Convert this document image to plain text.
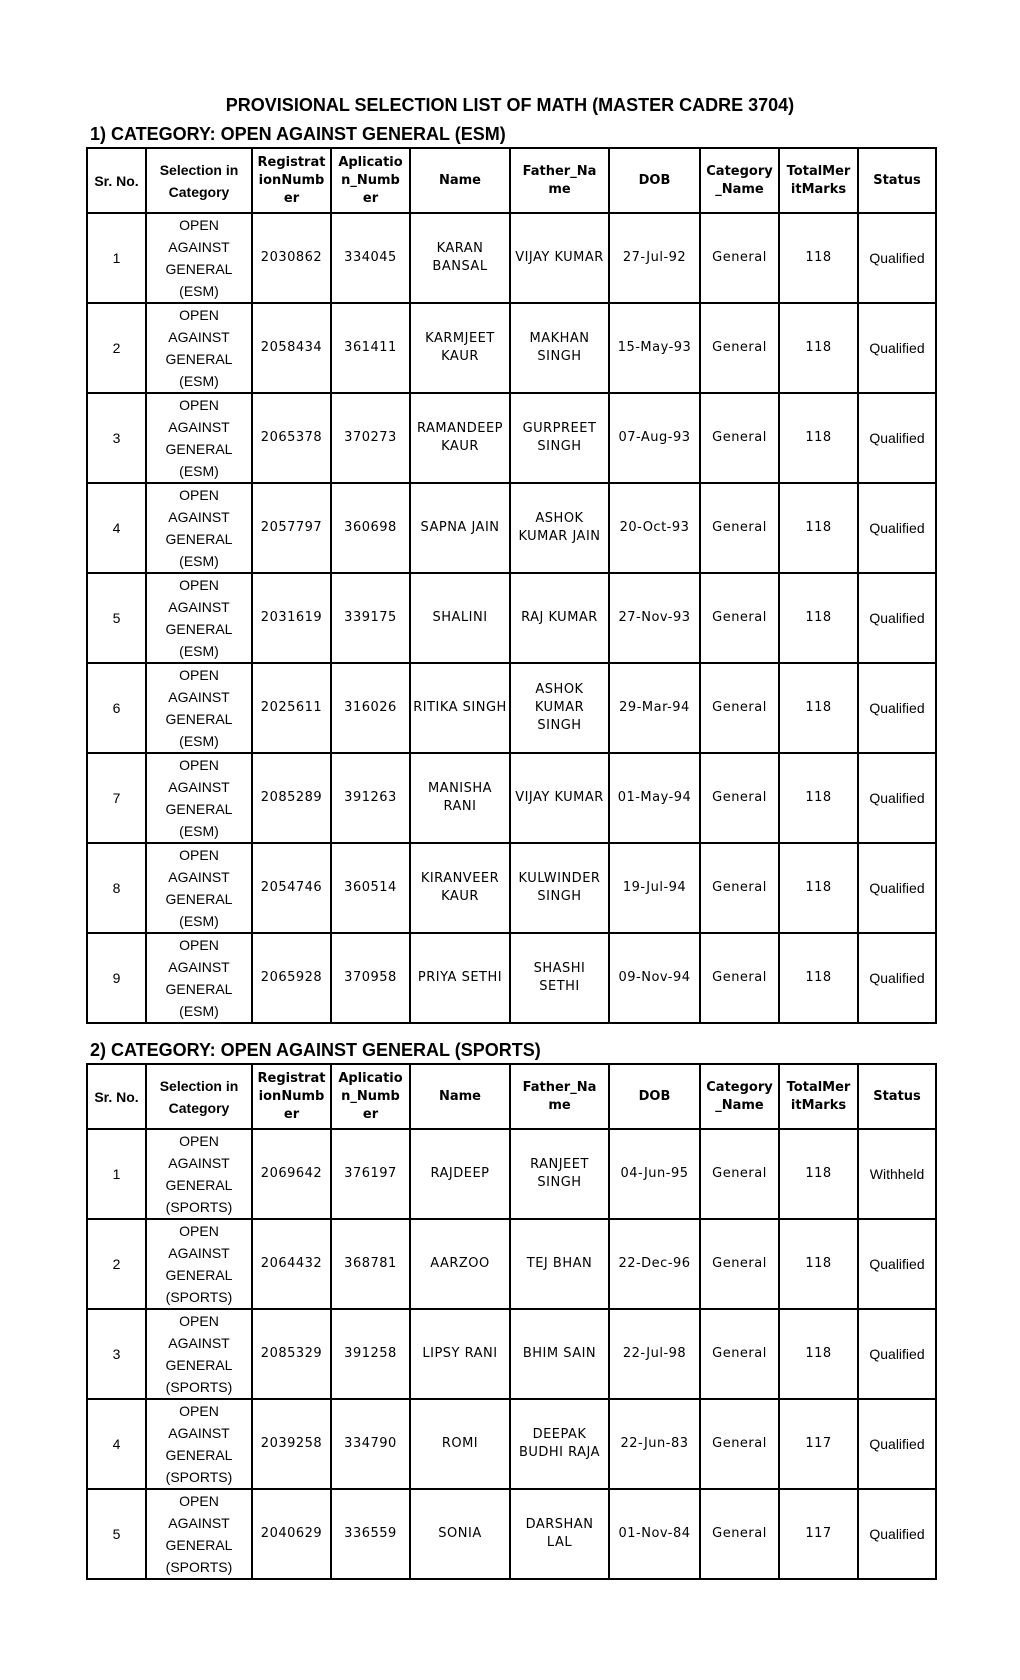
PROVISIONAL SELECTION LIST OF MATH (MASTER CADRE 3704)
1) CATEGORY: OPEN AGAINST GENERAL (ESM)
Sr. No.	Selection in Category	Registrat ionNumb er	Aplicatio n_Numb er	Name	Father_Na me	DOB	Category _Name	TotalMer itMarks	Status
1	OPEN AGAINST GENERAL (ESM)	2030862	334045	KARAN BANSAL	VIJAY KUMAR	27-Jul-92	General	118	Qualified
2	OPEN AGAINST GENERAL (ESM)	2058434	361411	KARMJEET KAUR	MAKHAN SINGH	15-May-93	General	118	Qualified
3	OPEN AGAINST GENERAL (ESM)	2065378	370273	RAMANDEEP KAUR	GURPREET SINGH	07-Aug-93	General	118	Qualified
4	OPEN AGAINST GENERAL (ESM)	2057797	360698	SAPNA JAIN	ASHOK KUMAR JAIN	20-Oct-93	General	118	Qualified
5	OPEN AGAINST GENERAL (ESM)	2031619	339175	SHALINI	RAJ KUMAR	27-Nov-93	General	118	Qualified
6	OPEN AGAINST GENERAL (ESM)	2025611	316026	RITIKA SINGH	ASHOK KUMAR SINGH	29-Mar-94	General	118	Qualified
7	OPEN AGAINST GENERAL (ESM)	2085289	391263	MANISHA RANI	VIJAY KUMAR	01-May-94	General	118	Qualified
8	OPEN AGAINST GENERAL (ESM)	2054746	360514	KIRANVEER KAUR	KULWINDER SINGH	19-Jul-94	General	118	Qualified
9	OPEN AGAINST GENERAL (ESM)	2065928	370958	PRIYA SETHI	SHASHI SETHI	09-Nov-94	General	118	Qualified
2) CATEGORY: OPEN AGAINST GENERAL (SPORTS)
Sr. No.	Selection in Category	Registrat ionNumb er	Aplicatio n_Numb er	Name	Father_Na me	DOB	Category _Name	TotalMer itMarks	Status
1	OPEN AGAINST GENERAL (SPORTS)	2069642	376197	RAJDEEP	RANJEET SINGH	04-Jun-95	General	118	Withheld
2	OPEN AGAINST GENERAL (SPORTS)	2064432	368781	AARZOO	TEJ BHAN	22-Dec-96	General	118	Qualified
3	OPEN AGAINST GENERAL (SPORTS)	2085329	391258	LIPSY RANI	BHIM SAIN	22-Jul-98	General	118	Qualified
4	OPEN AGAINST GENERAL (SPORTS)	2039258	334790	ROMI	DEEPAK BUDHI RAJA	22-Jun-83	General	117	Qualified
5	OPEN AGAINST GENERAL (SPORTS)	2040629	336559	SONIA	DARSHAN LAL	01-Nov-84	General	117	Qualified
